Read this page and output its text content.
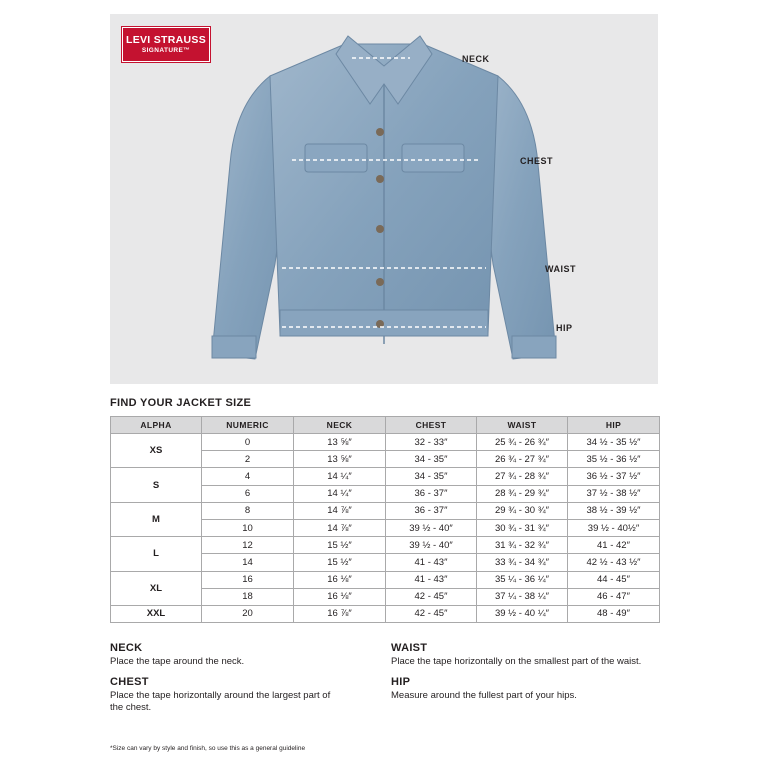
LEVI STRAUSS
SIGNATURE™
NECK
CHEST
WAIST
HIP
FIND YOUR JACKET SIZE
ALPHA	NUMERIC	NECK	CHEST	WAIST	HIP
XS	0	13 ⅝″	32 - 33″	25 ¾ - 26 ¾″	34 ½ - 35 ½″
	2	13 ⅝″	34 - 35″	26 ¾ - 27 ¾″	35 ½ - 36 ½″
S	4	14 ¼″	34 - 35″	27 ¾ - 28 ¾″	36 ½ - 37 ½″
	6	14 ¼″	36 - 37″	28 ¾ - 29 ¾″	37 ½ - 38 ½″
M	8	14 ⅞″	36 - 37″	29 ¾ - 30 ¾″	38 ½ - 39 ½″
	10	14 ⅞″	39 ½ - 40″	30 ¾ - 31 ¾″	39 ½ - 40½″
L	12	15 ½″	39 ½ - 40″	31 ¾ - 32 ¾″	41 - 42″
	14	15 ½″	41 - 43″	33 ¾ - 34 ¾″	42 ½ - 43 ½″
XL	16	16 ⅛″	41 - 43″	35 ¼ - 36 ¼″	44 - 45″
	18	16 ⅛″	42 - 45″	37 ¼ - 38 ¼″	46 - 47″
XXL	20	16 ⅞″	42 - 45″	39 ½ - 40 ¼″	48 - 49″
NECK
Place the tape around the neck.
CHEST
Place the tape horizontally around the largest part of the chest.
WAIST
Place the tape horizontally on the smallest part of the waist.
HIP
Measure around the fullest part of your hips.
*Size can vary by style and finish, so use this as a general guideline
